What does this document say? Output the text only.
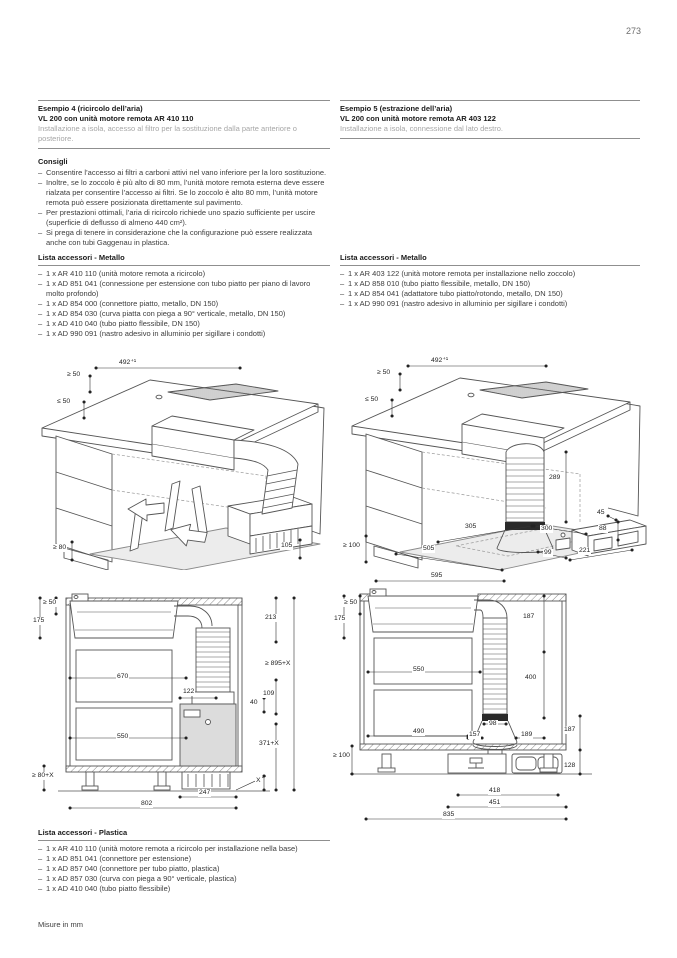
273
Esempio 4 (ricircolo dell’aria)
VL 200 con unità motore remota AR 410 110
Installazione a isola, accesso al filtro per la sostituzione dalla parte anteriore o posteriore.
Consigli
– Consentire l’accesso ai filtri a carboni attivi nel vano inferiore per la loro sostituzione.
– Inoltre, se lo zoccolo è più alto di 80 mm, l’unità motore remota esterna deve essere rialzata per consentire l’accesso ai filtri. Se lo zoccolo è alto 80 mm, l’unità motore remota può essere posizionata direttamente sul pavimento.
– Per prestazioni ottimali, l’aria di ricircolo richiede uno spazio sufficiente per uscire (superficie di deflusso di almeno 440 cm²).
– Si prega di tenere in considerazione che la configurazione può essere realizzata anche con tubi Gaggenau in plastica.
Lista accessori - Metallo
– 1 x AR 410 110 (unità motore remota a ricircolo)
– 1 x AD 851 041 (connessione per estensione con tubo piatto per piano di lavoro molto profondo)
– 1 x AD 854 000 (connettore piatto, metallo, DN 150)
– 1 x AD 854 030 (curva piatta con piega a 90° verticale, metallo, DN 150)
– 1 x AD 410 040 (tubo piatto flessibile, DN 150)
– 1 x AD 990 091 (nastro adesivo in alluminio per sigillare i condotti)
Esempio 5 (estrazione dell’aria)
VL 200 con unità motore remota AR 403 122
Installazione a isola, connessione dal lato destro.
Lista accessori - Metallo
– 1 x AR 403 122 (unità motore remota per installazione nello zoccolo)
– 1 x AD 858 010 (tubo piatto flessibile, metallo, DN 150)
– 1 x AD 854 041 (adattatore tubo piatto/rotondo, metallo, DN 150)
– 1 x AD 990 091 (nastro adesivo in alluminio per sigillare i condotti)
492⁺¹
≥ 50
≤ 50
≥ 80	105
492⁺¹
≥ 50
≤ 50
289
≥ 100	505
305	300
99	221
45
88
≥ 50
175	213
670
≥ 895+X
122	109
40
550
371+X
≥ 80+X
X
247
802
595
≥ 50
175	187
550
400
98
157	189
490	187
≥ 100
128
418
451
835
Lista accessori - Plastica
– 1 x AR 410 110 (unità motore remota a ricircolo per installazione nella base)
– 1 x AD 851 041 (connettore per estensione)
– 1 x AD 857 040 (connettore per tubo piatto, plastica)
– 1 x AD 857 030 (curva con piega a 90° verticale, plastica)
– 1 x AD 410 040 (tubo piatto flessibile)
Misure in mm
